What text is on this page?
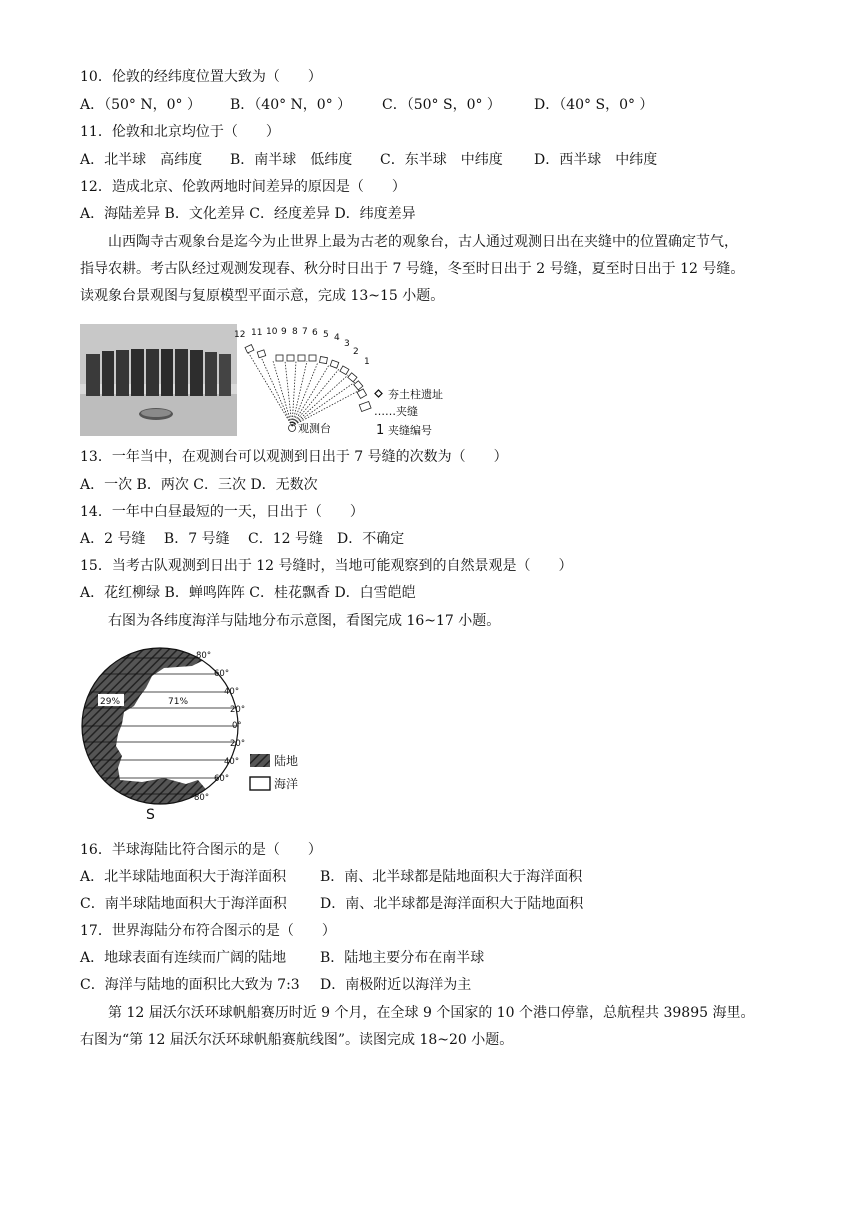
10．伦敦的经纬度位置大致为（　　）
A．（50° N，0° ） B．（40° N，0° ） C．（50° S，0° ） D．（40° S，0° ）
11．伦敦和北京均位于（　　）
A．北半球　高纬度 B．南半球　低纬度 C．东半球　中纬度 D．西半球　中纬度
12．造成北京、伦敦两地时间差异的原因是（　　）
A．海陆差异 B．文化差异 C．经度差异 D．纬度差异
山西陶寺古观象台是迄今为止世界上最为古老的观象台，古人通过观测日出在夹缝中的位置确定节气，
指导农耕。考古队经过观测发现春、秋分时日出于 7 号缝，冬至时日出于 2 号缝，夏至时日出于 12 号缝。
读观象台景观图与复原模型平面示意，完成 13~15 小题。
12 11 10 9 8 7 6 5 4
3
2
1
观测台
夯土柱遗址
……夹缝
1 夹缝编号
13．一年当中，在观测台可以观测到日出于 7 号缝的次数为（　　）
A．一次 B．两次 C．三次 D．无数次
14．一年中白昼最短的一天，日出于（　　）
A．2 号缝　 B．7 号缝　 C．12 号缝　D．不确定
15．当考古队观测到日出于 12 号缝时，当地可能观察到的自然景观是（　　）
A．花红柳绿 B．蝉鸣阵阵 C．桂花飘香 D．白雪皑皑
右图为各纬度海洋与陆地分布示意图，看图完成 16~17 小题。
29%	71%
80°
60°
40°
20°
0°
20°
40°
60°
80°
S
陆地
海洋
16．半球海陆比符合图示的是（　　）
A．北半球陆地面积大于海洋面积 B．南、北半球都是陆地面积大于海洋面积
C．南半球陆地面积大于海洋面积 D．南、北半球都是海洋面积大于陆地面积
17．世界海陆分布符合图示的是（　　）
A．地球表面有连续而广阔的陆地 B．陆地主要分布在南半球
C．海洋与陆地的面积比大致为 7:3 D．南极附近以海洋为主
第 12 届沃尔沃环球帆船赛历时近 9 个月，在全球 9 个国家的 10 个港口停靠，总航程共 39895 海里。
右图为“第 12 届沃尔沃环球帆船赛航线图”。读图完成 18~20 小题。
